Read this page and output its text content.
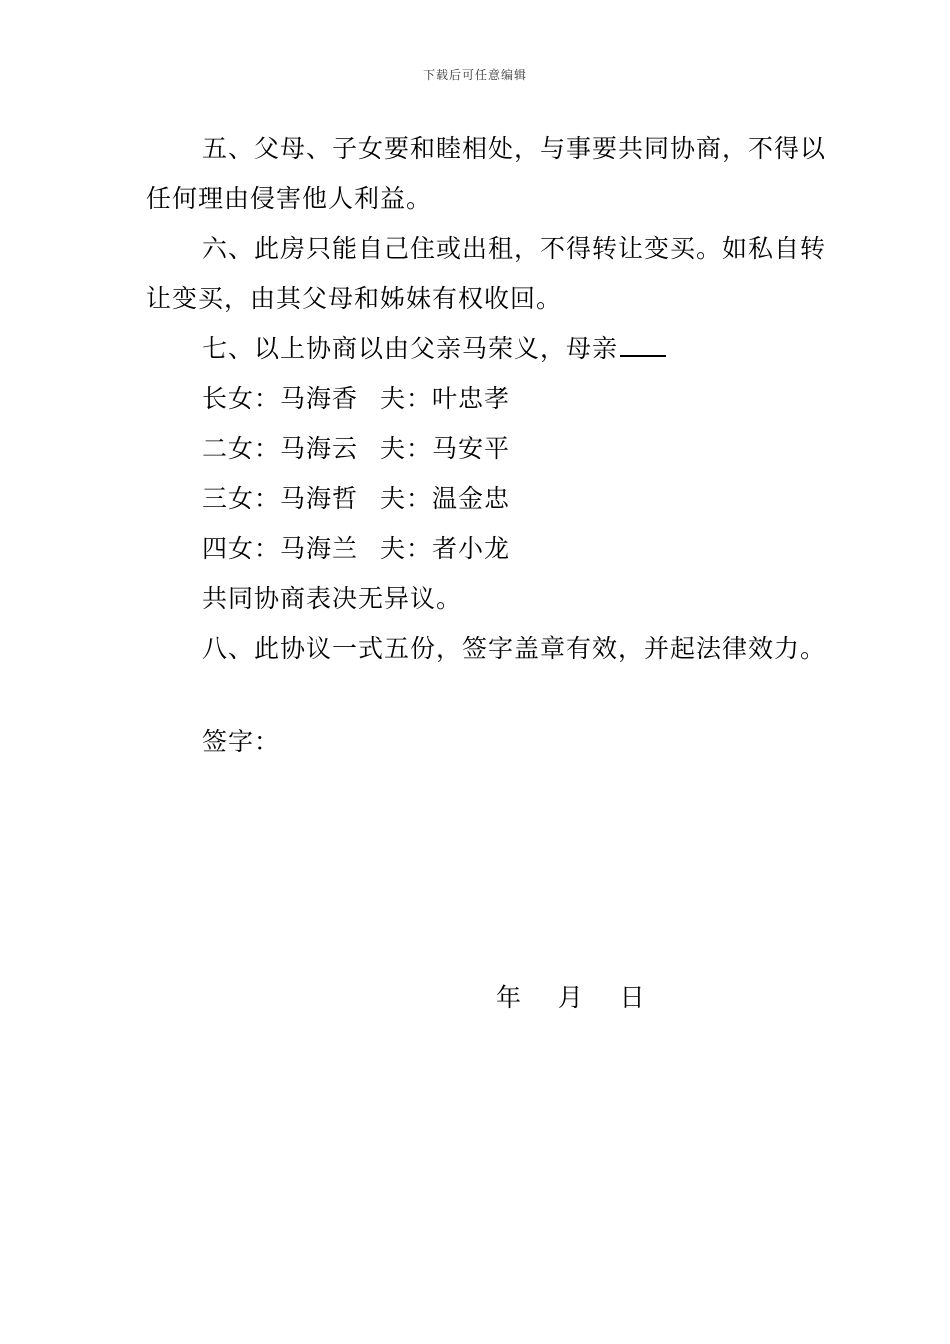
下载后可任意编辑

五、父母、子女要和睦相处，与事要共同协商，不得以任何理由侵害他人利益。

六、此房只能自己住或出租，不得转让变买。如私自转让变买，由其父母和姊妹有权收回。

七、以上协商以由父亲马荣义，母亲

长女：马海香 夫：叶忠孝

二女：马海云 夫：马安平

三女：马海哲 夫：温金忠

四女：马海兰 夫：者小龙

共同协商表决无异议。

八、此协议一式五份，签字盖章有效，并起法律效力。

签字：
年 月 日
